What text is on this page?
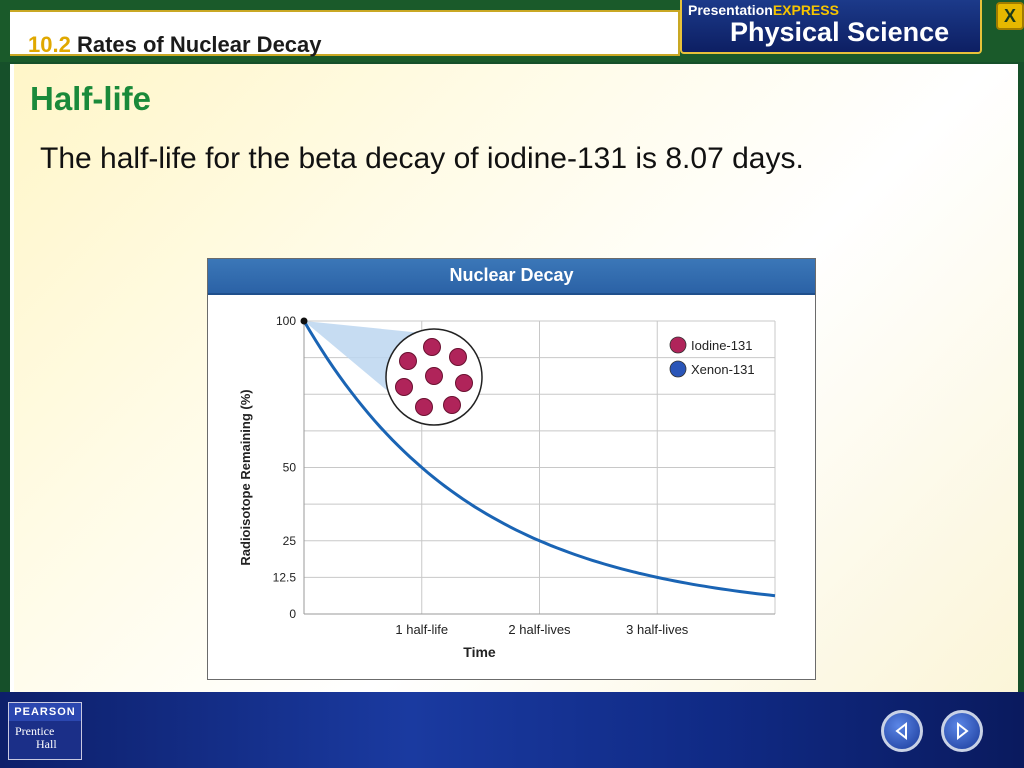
10.2 Rates of Nuclear Decay
PresentationEXPRESS
Physical Science
X
Half-life
The half-life for the beta decay of iodine-131 is 8.07 days.
Nuclear Decay
0
12.5
25
50
100
1 half-life	2 half-lives	3 half-lives
Time
Radioisotope Remaining (%)
Iodine-131
Xenon-131
PEARSON
Prentice
Hall
